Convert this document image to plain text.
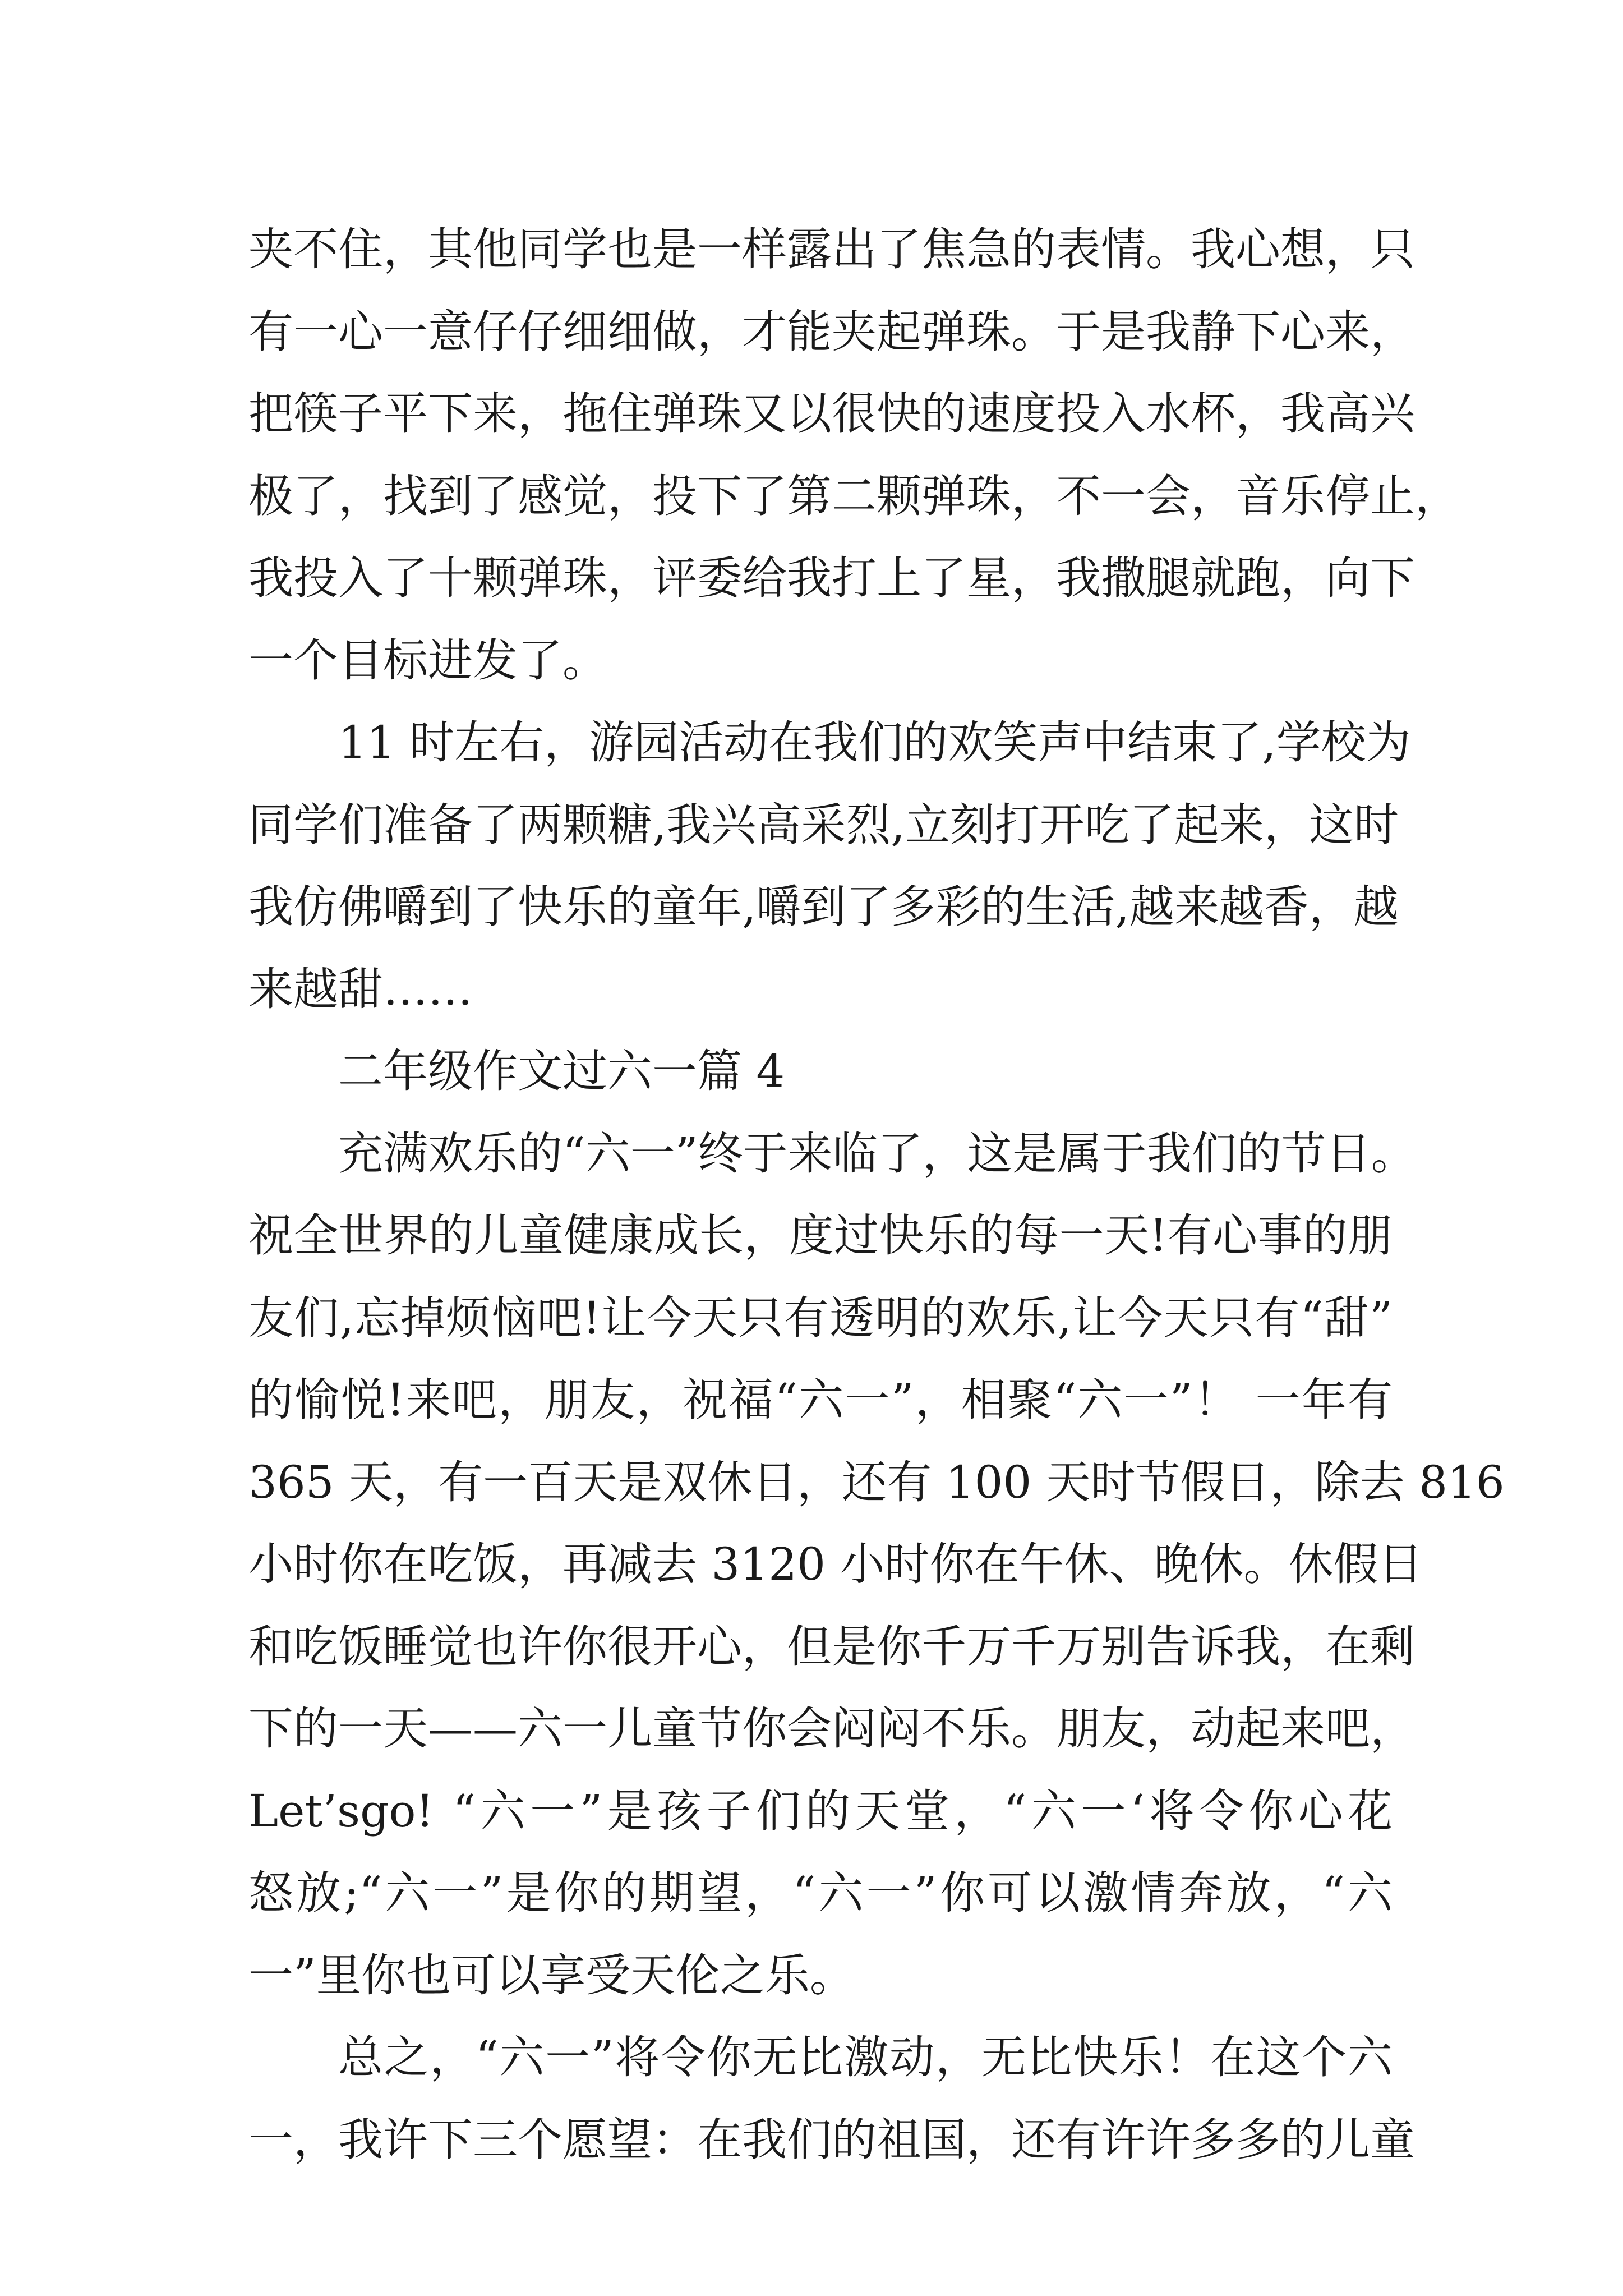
夹不住，其他同学也是一样露出了焦急的表情。我心想，只
有一心一意仔仔细细做，才能夹起弹珠。于是我静下心来，
把筷子平下来，拖住弹珠又以很快的速度投入水杯，我高兴
极了，找到了感觉，投下了第二颗弹珠，不一会，音乐停止，
我投入了十颗弹珠，评委给我打上了星，我撒腿就跑，向下
一个目标进发了。
11 时左右，游园活动在我们的欢笑声中结束了,学校为
同学们准备了两颗糖,我兴高采烈,立刻打开吃了起来，这时
我仿佛嚼到了快乐的童年,嚼到了多彩的生活,越来越香，越
来越甜……
二年级作文过六一篇 4
充满欢乐的“六一”终于来临了，这是属于我们的节日。
祝全世界的儿童健康成长，度过快乐的每一天!有心事的朋
友们,忘掉烦恼吧!让今天只有透明的欢乐,让今天只有“甜”
的愉悦!来吧，朋友，祝福“六一”，相聚“六一”！ 一年有
365 天，有一百天是双休日，还有 100 天时节假日，除去 816
小时你在吃饭，再减去 3120 小时你在午休、晚休。休假日
和吃饭睡觉也许你很开心，但是你千万千万别告诉我，在剩
下的一天——六一儿童节你会闷闷不乐。朋友，动起来吧，
Let’sgo! “六一”是孩子们的天堂，“六一‘将令你心花
怒放;“六一”是你的期望，“六一”你可以激情奔放，“六
一”里你也可以享受天伦之乐。
总之，“六一”将令你无比激动，无比快乐！在这个六
一，我许下三个愿望：在我们的祖国，还有许许多多的儿童
